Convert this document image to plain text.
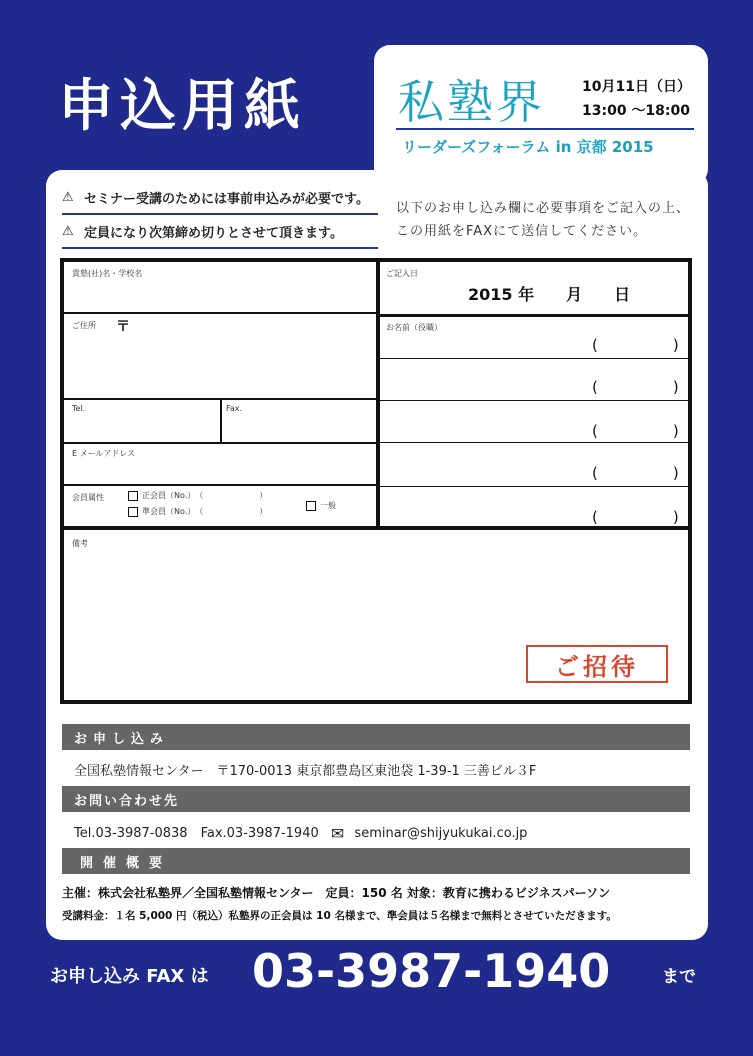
申込用紙 私塾界	10月11日（日）
13:00 ～18:00
リーダーズフォーラム in 京都 2015
⚠ セミナー受講のためには事前申込みが必要です。
⚠ 定員になり次第締め切りとさせて頂きます。
以下のお申し込み欄に必要事項をご記入の上、
この用紙をFAXにて送信してください。
貴塾(社)名・学校名
ご住所 〒
Tel.	Fax.
E メールアドレス
会員属性	正会員（No.）　（　　　　　　　）
準会員（No.）　（　　　　　　　）
一般
ご記入日
2015 年　　月　　日
お名前（役職）
(　　　　　)
(　　　　　)
(　　　　　)
(　　　　　)
(　　　　　)
備考
ご招待
お申し込み
全国私塾情報センター　〒170-0013 東京都豊島区東池袋 1-39-1 三善ビル３F
お問い合わせ先
Tel.03-3987-0838　Fax.03-3987-1940 ✉ seminar@shijyukukai.co.jp
開催概要
主催：株式会社私塾界／全国私塾情報センター　定員：150 名 対象：教育に携わるビジネスパーソン
受講料金：１名 5,000 円（税込）私塾界の正会員は 10 名様まで、準会員は５名様まで無料とさせていただきます。
お申し込み FAX は 03-3987-1940	まで
